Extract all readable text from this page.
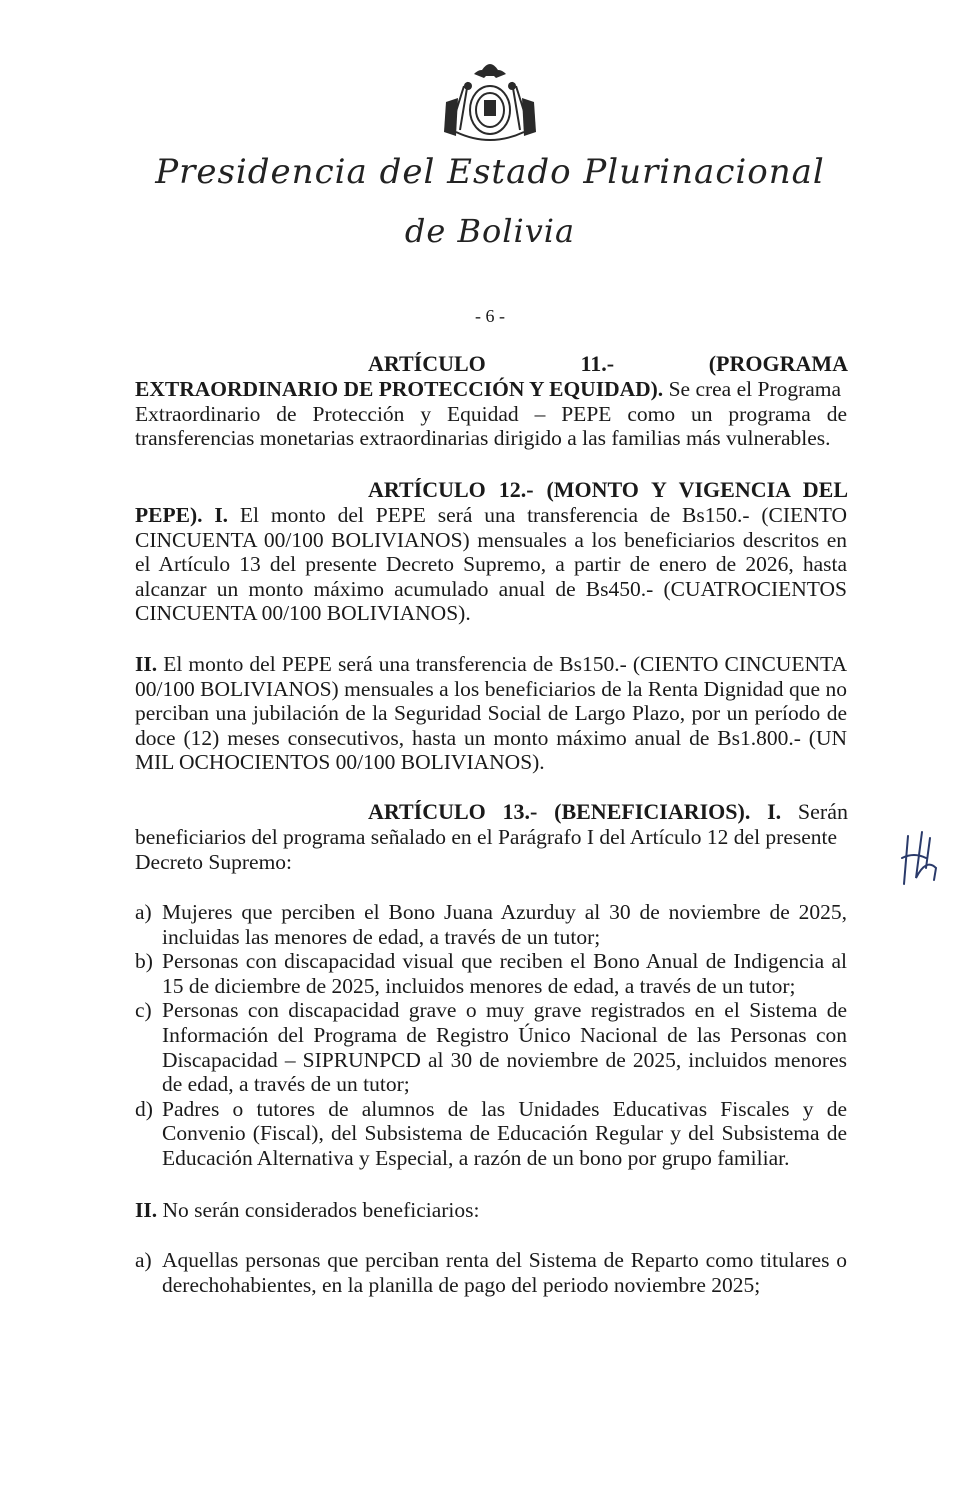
Presidencia del Estado Plurinacional
de Bolivia
- 6 -
ARTÍCULO	11.-	(PROGRAMA
EXTRAORDINARIO DE PROTECCIÓN Y EQUIDAD). Se crea el Programa
Extraordinario de Protección y Equidad – PEPE como un programa de
transferencias monetarias extraordinarias dirigido a las familias más vulnerables.
ARTÍCULO 12.- (MONTO Y VIGENCIA DEL
PEPE). I. El monto del PEPE será una transferencia de Bs150.- (CIENTO CINCUENTA 00/100 BOLIVIANOS) mensuales a los beneficiarios descritos en el Artículo 13 del presente Decreto Supremo, a partir de enero de 2026, hasta alcanzar un monto máximo acumulado anual de Bs450.- (CUATROCIENTOS CINCUENTA 00/100 BOLIVIANOS).
II. El monto del PEPE será una transferencia de Bs150.- (CIENTO CINCUENTA 00/100 BOLIVIANOS) mensuales a los beneficiarios de la Renta Dignidad que no perciban una jubilación de la Seguridad Social de Largo Plazo, por un período de doce (12) meses consecutivos, hasta un monto máximo anual de Bs1.800.- (UN MIL OCHOCIENTOS 00/100 BOLIVIANOS).
ARTÍCULO 13.- (BENEFICIARIOS). I. Serán
beneficiarios del programa señalado en el Parágrafo I del Artículo 12 del presente Decreto Supremo:
a) Mujeres que perciben el Bono Juana Azurduy al 30 de noviembre de 2025, incluidas las menores de edad, a través de un tutor;
b) Personas con discapacidad visual que reciben el Bono Anual de Indigencia al 15 de diciembre de 2025, incluidos menores de edad, a través de un tutor;
c) Personas con discapacidad grave o muy grave registrados en el Sistema de Información del Programa de Registro Único Nacional de las Personas con Discapacidad – SIPRUNPCD al 30 de noviembre de 2025, incluidos menores de edad, a través de un tutor;
d) Padres o tutores de alumnos de las Unidades Educativas Fiscales y de Convenio (Fiscal), del Subsistema de Educación Regular y del Subsistema de Educación Alternativa y Especial, a razón de un bono por grupo familiar.
II. No serán considerados beneficiarios:
a) Aquellas personas que perciban renta del Sistema de Reparto como titulares o derechohabientes, en la planilla de pago del periodo noviembre 2025;
